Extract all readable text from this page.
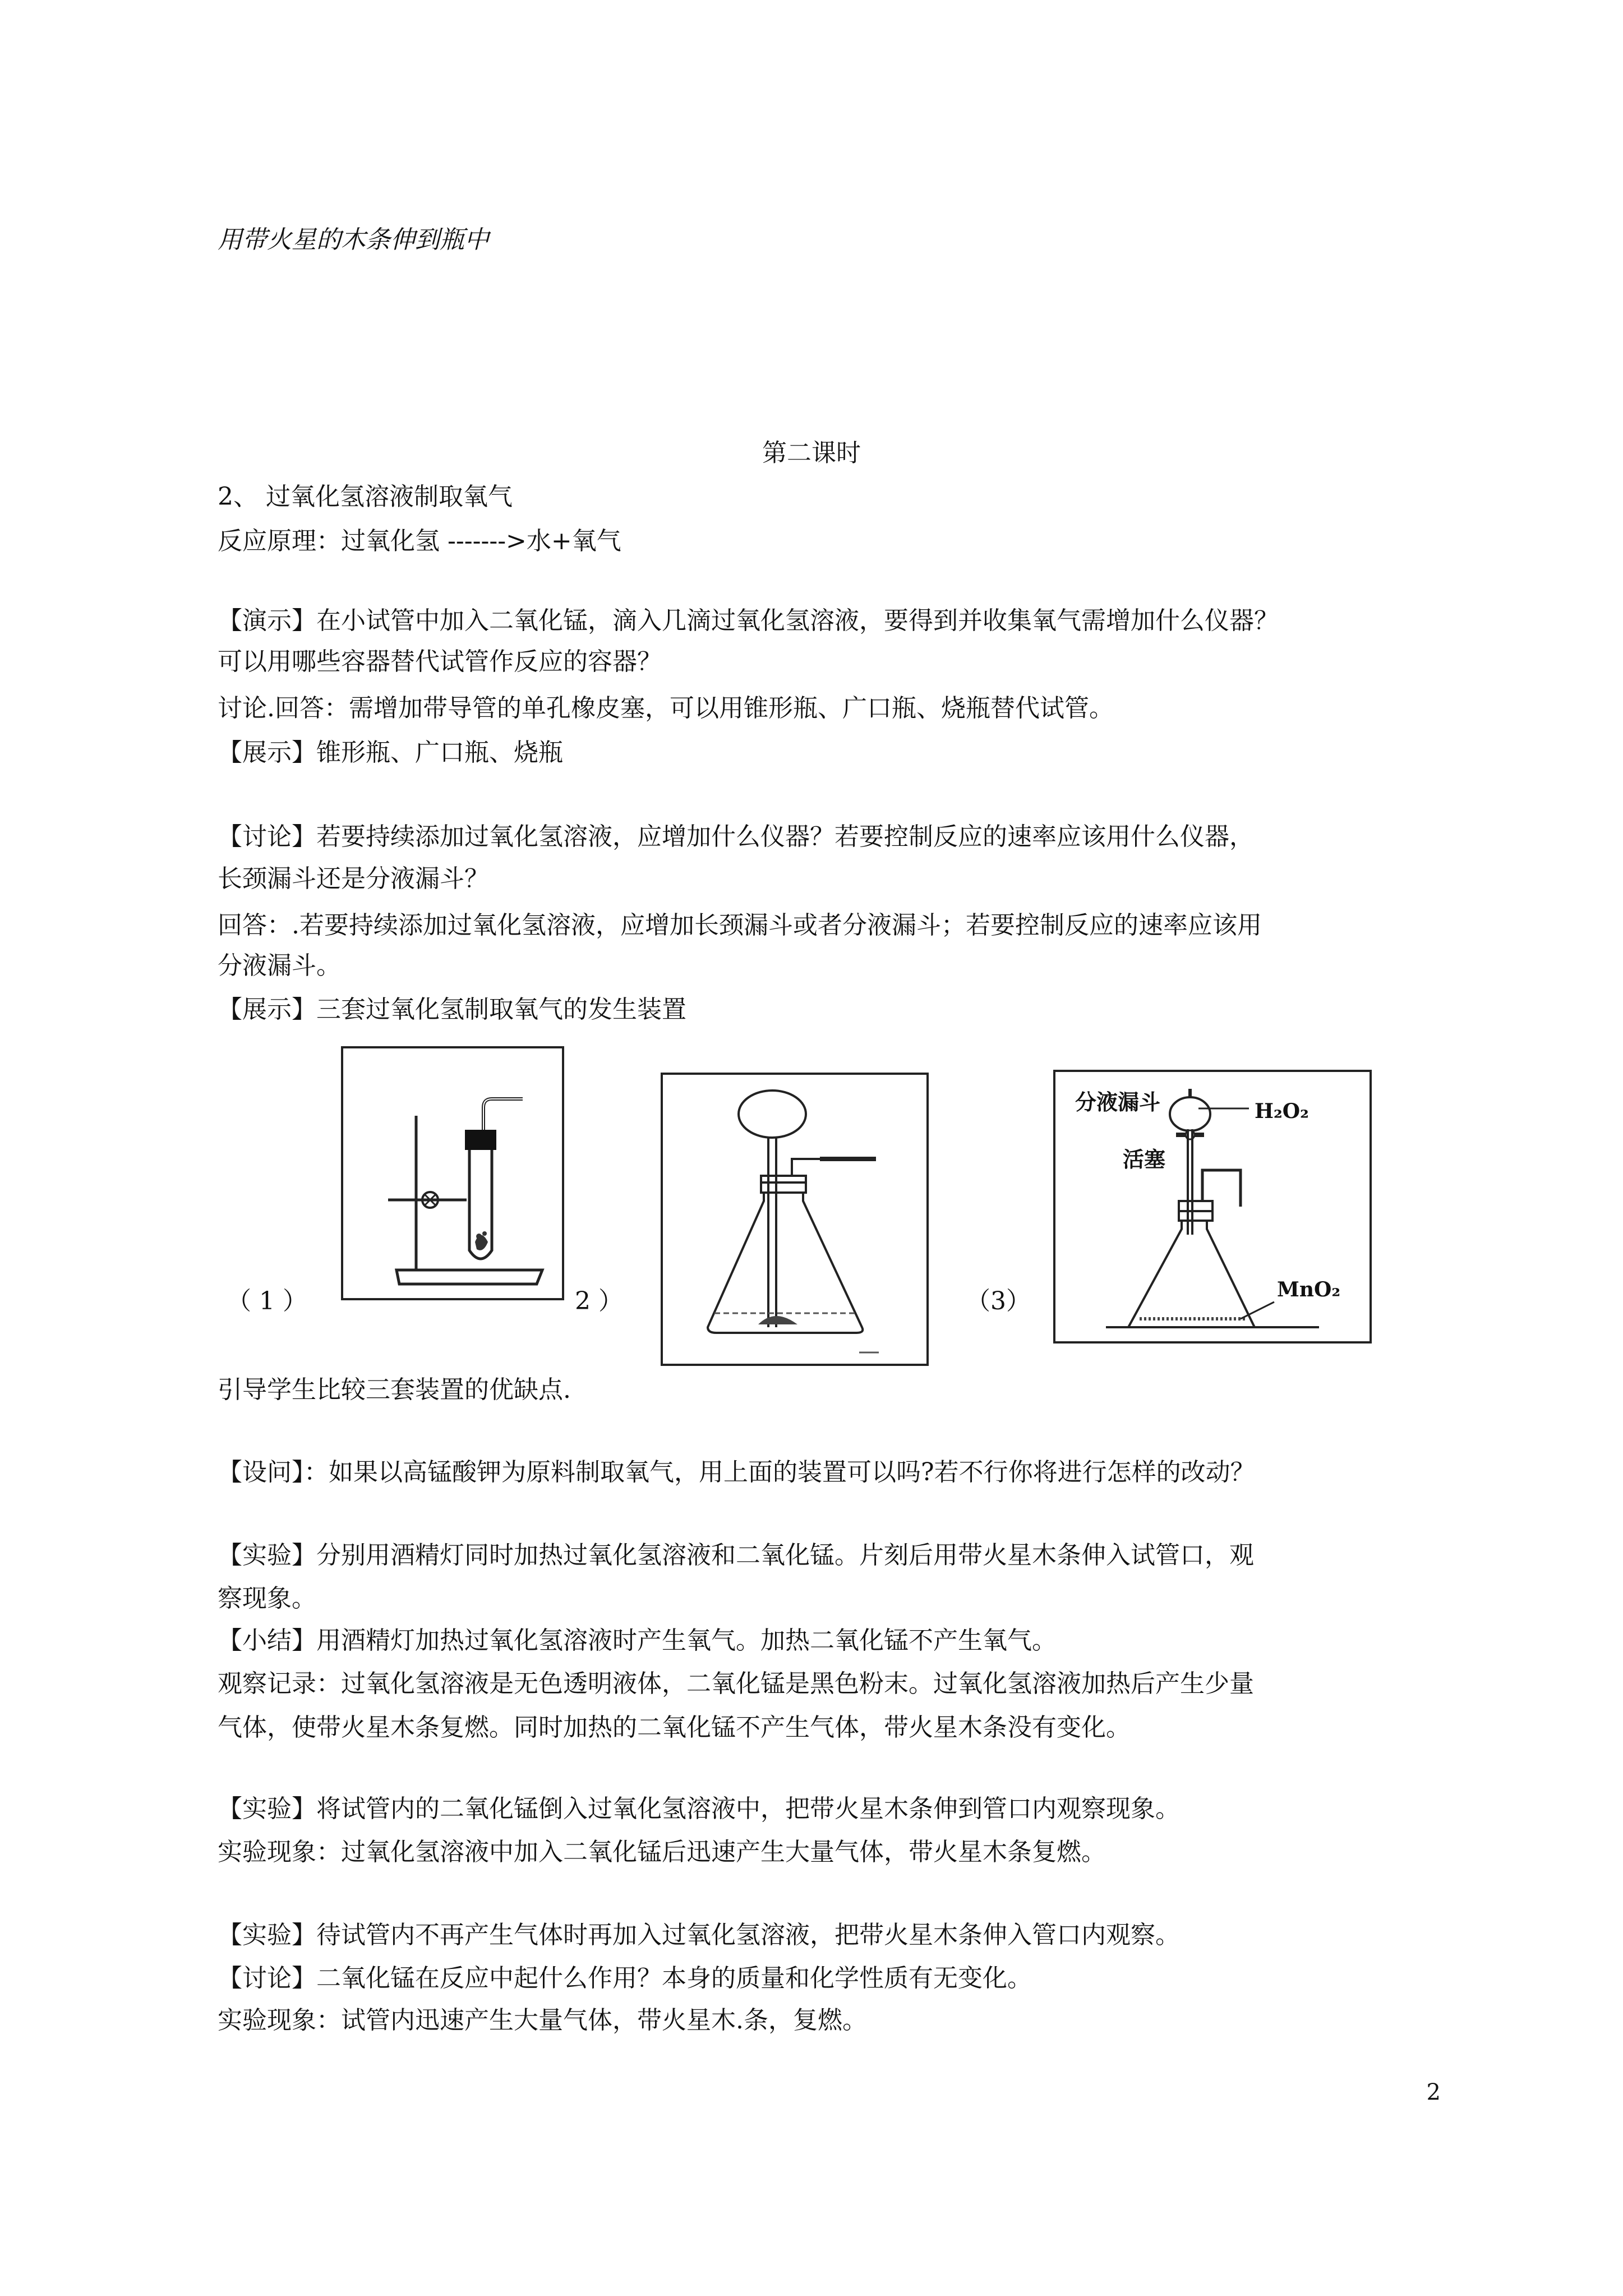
用带火星的木条伸到瓶中

第二课时

2、 过氧化氢溶液制取氧气

反应原理：过氧化氢 ------->水+氧气

【演示】在小试管中加入二氧化锰，滴入几滴过氧化氢溶液，要得到并收集氧气需增加什么仪器？

可以用哪些容器替代试管作反应的容器？

讨论.回答：需增加带导管的单孔橡皮塞，可以用锥形瓶、广口瓶、烧瓶替代试管。

【展示】锥形瓶、广口瓶、烧瓶

【讨论】若要持续添加过氧化氢溶液，应增加什么仪器？若要控制反应的速率应该用什么仪器，

长颈漏斗还是分液漏斗？

回答：.若要持续添加过氧化氢溶液，应增加长颈漏斗或者分液漏斗；若要控制反应的速率应该用

分液漏斗。

【展示】三套过氧化氢制取氧气的发生装置

（ 1 ）	2 ）	（3）
分液漏斗
活塞
H₂O₂
MnO₂

引导学生比较三套装置的优缺点.

【设问】：如果以高锰酸钾为原料制取氧气，用上面的装置可以吗?若不行你将进行怎样的改动？

【实验】分别用酒精灯同时加热过氧化氢溶液和二氧化锰。片刻后用带火星木条伸入试管口，观

察现象。

【小结】用酒精灯加热过氧化氢溶液时产生氧气。加热二氧化锰不产生氧气。

观察记录：过氧化氢溶液是无色透明液体，二氧化锰是黑色粉末。过氧化氢溶液加热后产生少量

气体，使带火星木条复燃。同时加热的二氧化锰不产生气体，带火星木条没有变化。

【实验】将试管内的二氧化锰倒入过氧化氢溶液中，把带火星木条伸到管口内观察现象。

实验现象：过氧化氢溶液中加入二氧化锰后迅速产生大量气体，带火星木条复燃。

【实验】待试管内不再产生气体时再加入过氧化氢溶液，把带火星木条伸入管口内观察。

【讨论】二氧化锰在反应中起什么作用？本身的质量和化学性质有无变化。

实验现象：试管内迅速产生大量气体，带火星木.条，复燃。

2
